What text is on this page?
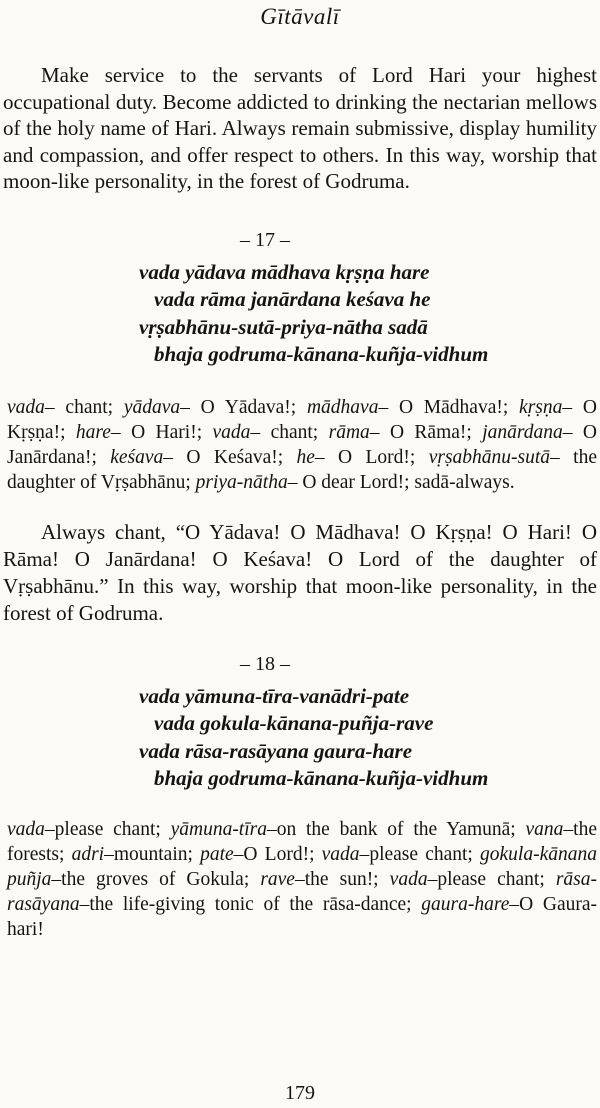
Gītāvalī

Make service to the servants of Lord Hari your highest occupational duty. Become addicted to drinking the nectarian mellows of the holy name of Hari. Always remain submissive, display humility and compassion, and offer respect to others. In this way, worship that moon-like personality, in the forest of Godruma.

– 17 –
vada yādava mādhava kṛṣṇa hare
vada rāma janārdana keśava he
vṛṣabhānu-sutā-priya-nātha sadā
bhaja godruma-kānana-kuñja-vidhum

vada– chant; yādava– O Yādava!; mādhava– O Mādhava!; kṛṣṇa– O Kṛṣṇa!; hare– O Hari!; vada– chant; rāma– O Rāma!; janārdana– O Janārdana!; keśava– O Keśava!; he– O Lord!; vṛṣabhānu-sutā– the daughter of Vṛṣabhānu; priya-nātha– O dear Lord!; sadā-always.

Always chant, “O Yādava! O Mādhava! O Kṛṣṇa! O Hari! O Rāma! O Janārdana! O Keśava! O Lord of the daughter of Vṛṣabhānu.” In this way, worship that moon-like personality, in the forest of Godruma.

– 18 –
vada yāmuna-tīra-vanādri-pate
vada gokula-kānana-puñja-rave
vada rāsa-rasāyana gaura-hare
bhaja godruma-kānana-kuñja-vidhum

vada–please chant; yāmuna-tīra–on the bank of the Yamunā; vana–the forests; adri–mountain; pate–O Lord!; vada–please chant; gokula-kānana puñja–the groves of Gokula; rave–the sun!; vada–please chant; rāsa-rasāyana–the life-giving tonic of the rāsa-dance; gaura-hare–O Gaura-hari!

179
